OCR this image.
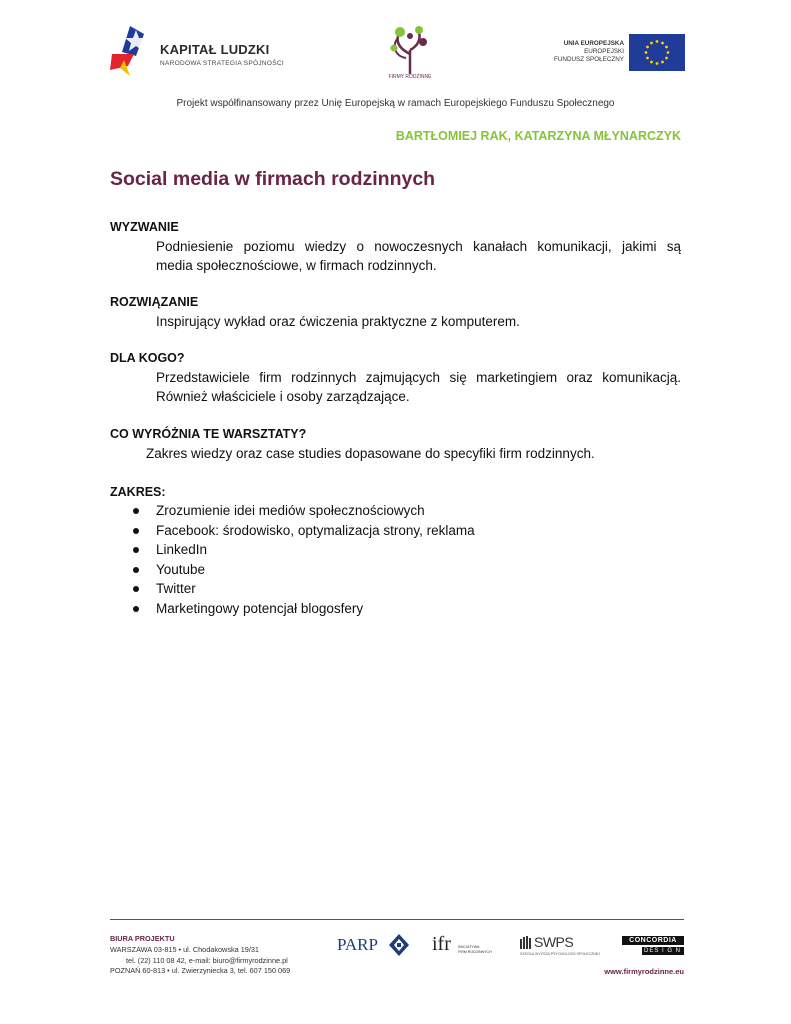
KAPITAŁ LUDZKI
NARODOWA STRATEGIA SPÓJNOŚCI
FIRMY RODZINNE
UNIA EUROPEJSKA
EUROPEJSKI
FUNDUSZ SPOŁECZNY
Projekt współfinansowany przez Unię Europejską w ramach Europejskiego Funduszu Społecznego
BARTŁOMIEJ RAK, KATARZYNA MŁYNARCZYK
Social media w firmach rodzinnych
WYZWANIE
Podniesienie poziomu wiedzy o nowoczesnych kanałach komunikacji, jakimi są
media społecznościowe, w firmach rodzinnych.
ROZWIĄZANIE
Inspirujący wykład oraz ćwiczenia praktyczne z komputerem.
DLA KOGO?
Przedstawiciele firm rodzinnych zajmujących się marketingiem oraz komunikacją.
Również właściciele i osoby zarządzające.
CO WYRÓŻNIA TE WARSZTATY?
Zakres wiedzy oraz case studies dopasowane do specyfiki firm rodzinnych.
ZAKRES:
Zrozumienie idei mediów społecznościowych
Facebook: środowisko, optymalizacja strony, reklama
LinkedIn
Youtube
Twitter
Marketingowy potencjał blogosfery
BIURA PROJEKTU
WARSZAWA 03-815 • ul. Chodakowska 19/31
tel. (22) 110 08 42, e-mail: biuro@firmyrodzinne.pl
POZNAŃ 60-813 • ul. Zwierzyniecka 3, tel. 607 150 069
PARP	ifr INICJATYWA
FIRM RODZINNYCH
SWPS
SZKOŁA WYŻSZA PSYCHOLOGII SPOŁECZNEJ
CONCORDIA
DES I G N
www.firmyrodzinne.eu
